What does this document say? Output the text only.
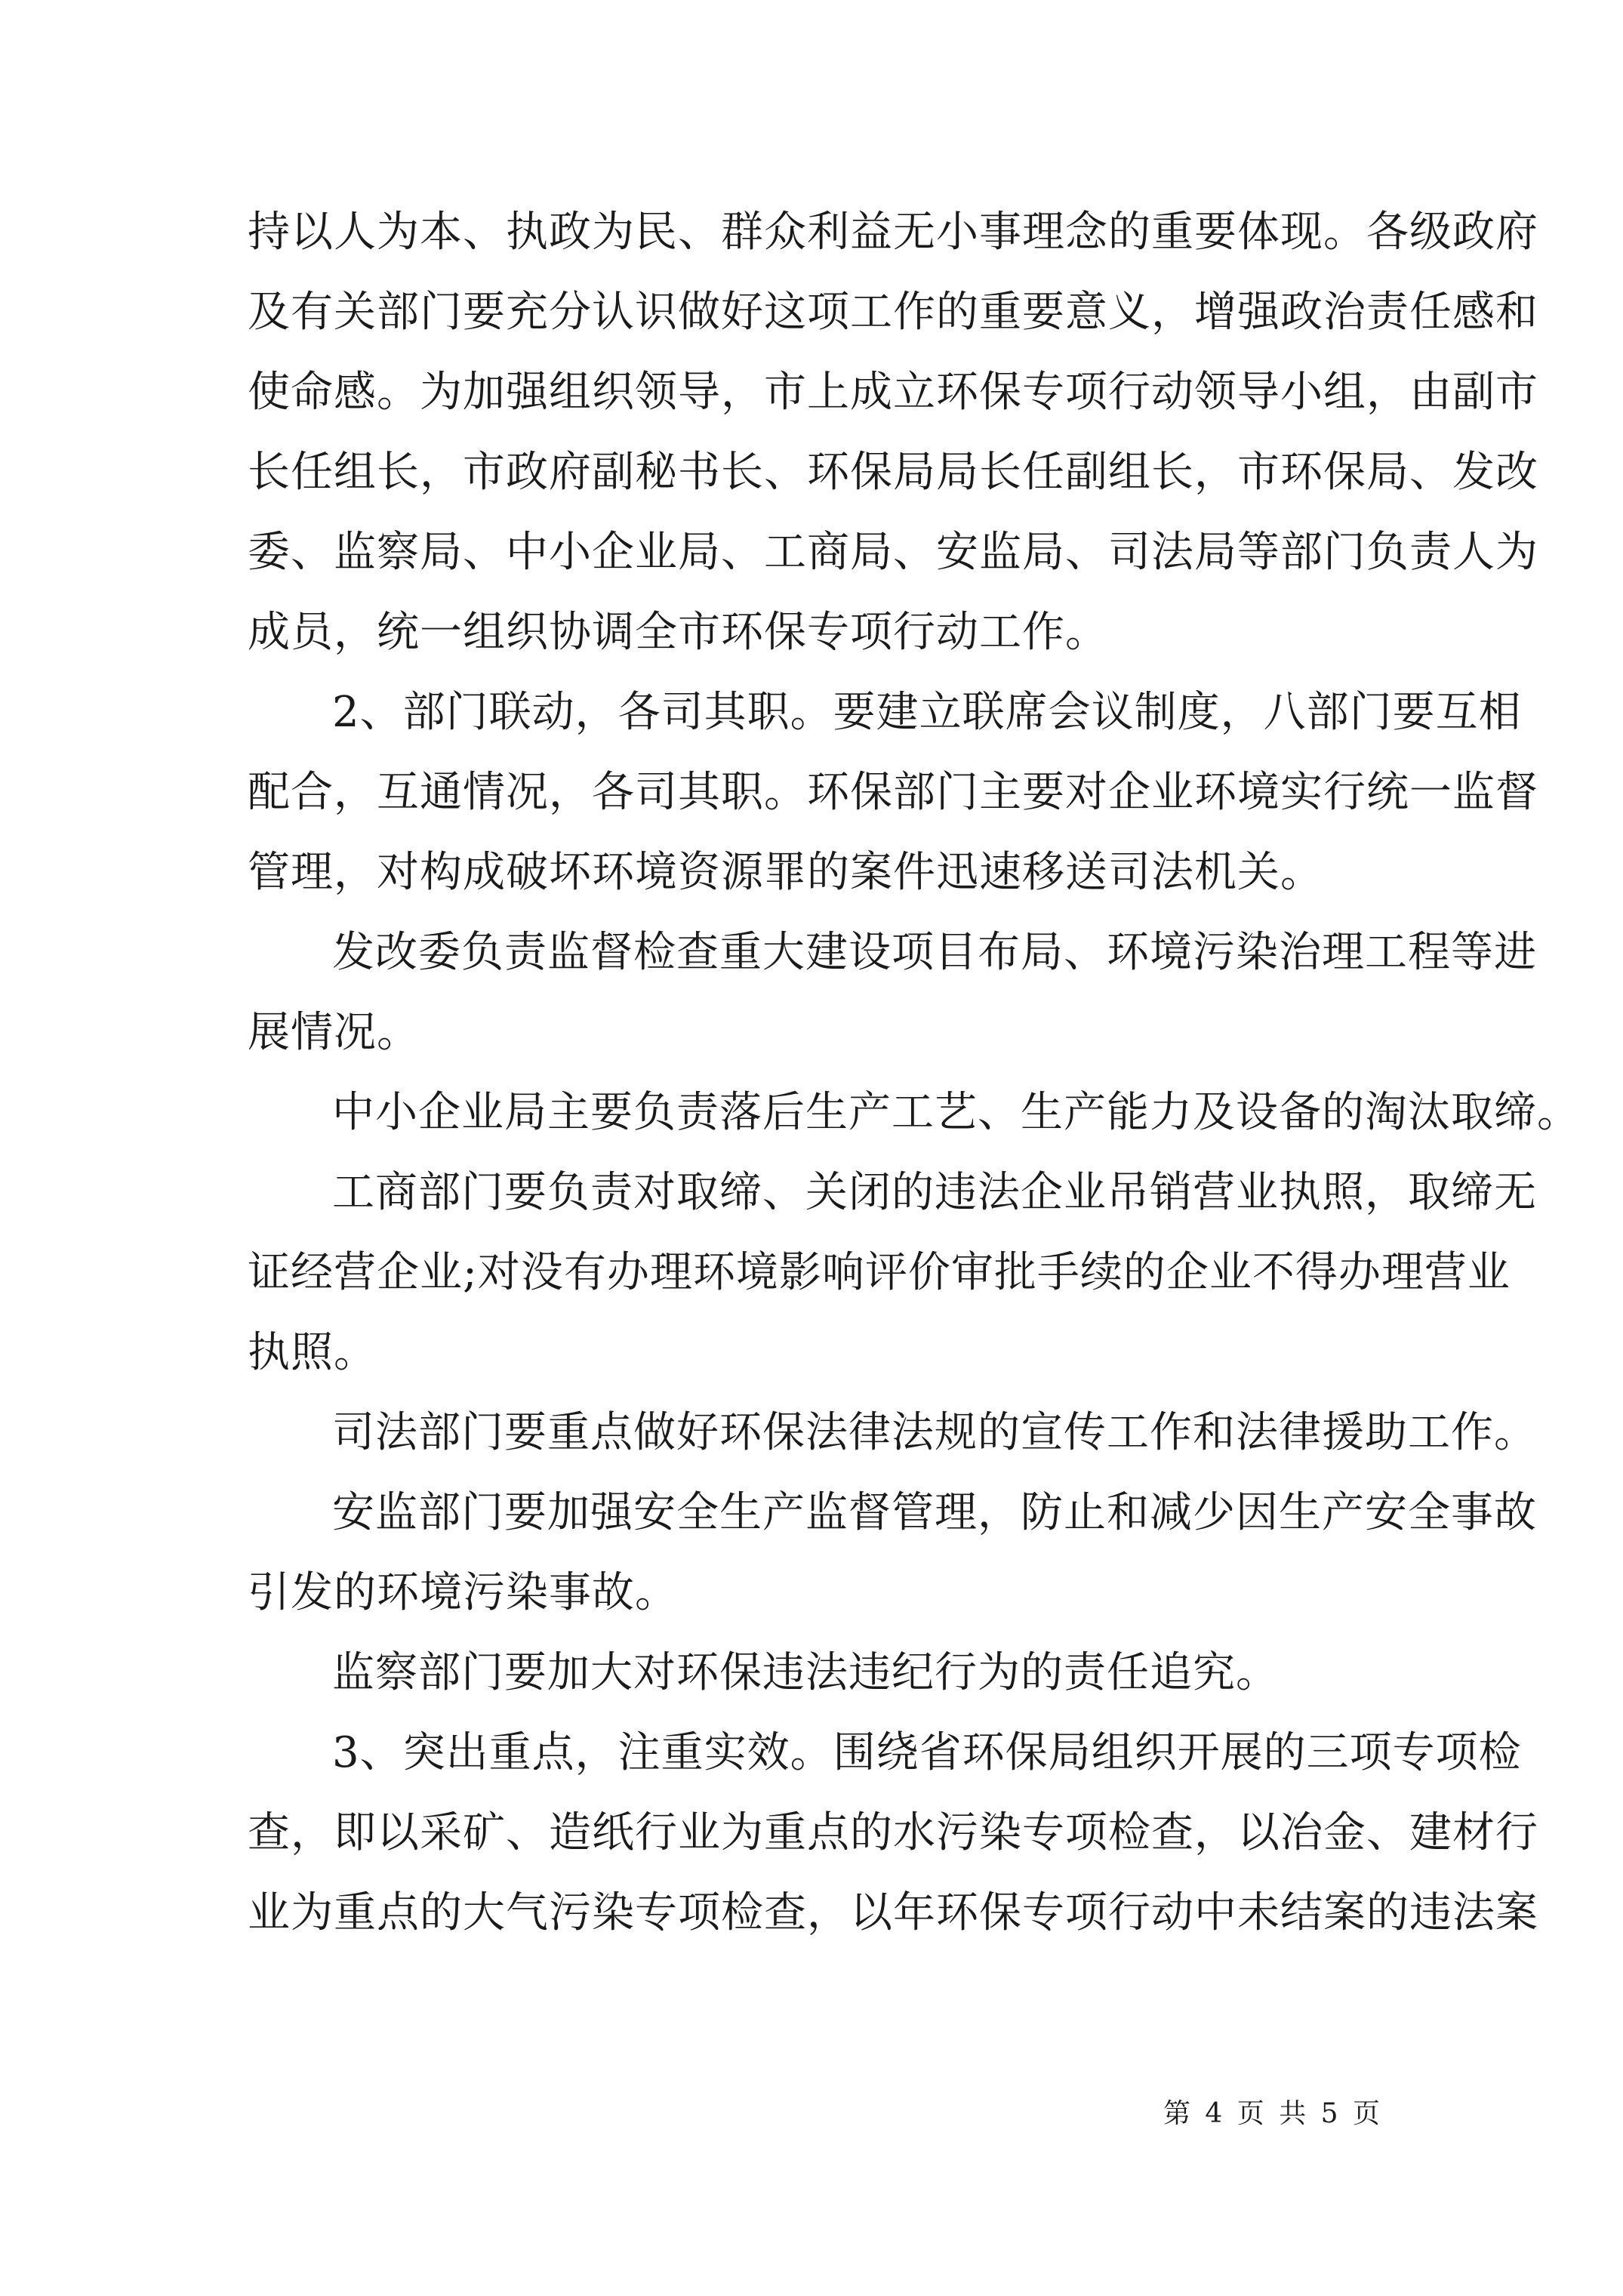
持以人为本、执政为民、群众利益无小事理念的重要体现。各级政府
及有关部门要充分认识做好这项工作的重要意义，增强政治责任感和
使命感。为加强组织领导，市上成立环保专项行动领导小组，由副市
长任组长，市政府副秘书长、环保局局长任副组长，市环保局、发改
委、监察局、中小企业局、工商局、安监局、司法局等部门负责人为
成员，统一组织协调全市环保专项行动工作。
2、部门联动，各司其职。要建立联席会议制度，八部门要互相
配合，互通情况，各司其职。环保部门主要对企业环境实行统一监督
管理，对构成破坏环境资源罪的案件迅速移送司法机关。
发改委负责监督检查重大建设项目布局、环境污染治理工程等进
展情况。
中小企业局主要负责落后生产工艺、生产能力及设备的淘汰取缔。
工商部门要负责对取缔、关闭的违法企业吊销营业执照，取缔无
证经营企业;对没有办理环境影响评价审批手续的企业不得办理营业
执照。
司法部门要重点做好环保法律法规的宣传工作和法律援助工作。
安监部门要加强安全生产监督管理，防止和减少因生产安全事故
引发的环境污染事故。
监察部门要加大对环保违法违纪行为的责任追究。
3、突出重点，注重实效。围绕省环保局组织开展的三项专项检
查，即以采矿、造纸行业为重点的水污染专项检查，以冶金、建材行
业为重点的大气污染专项检查，以年环保专项行动中未结案的违法案
第 4 页 共 5 页
